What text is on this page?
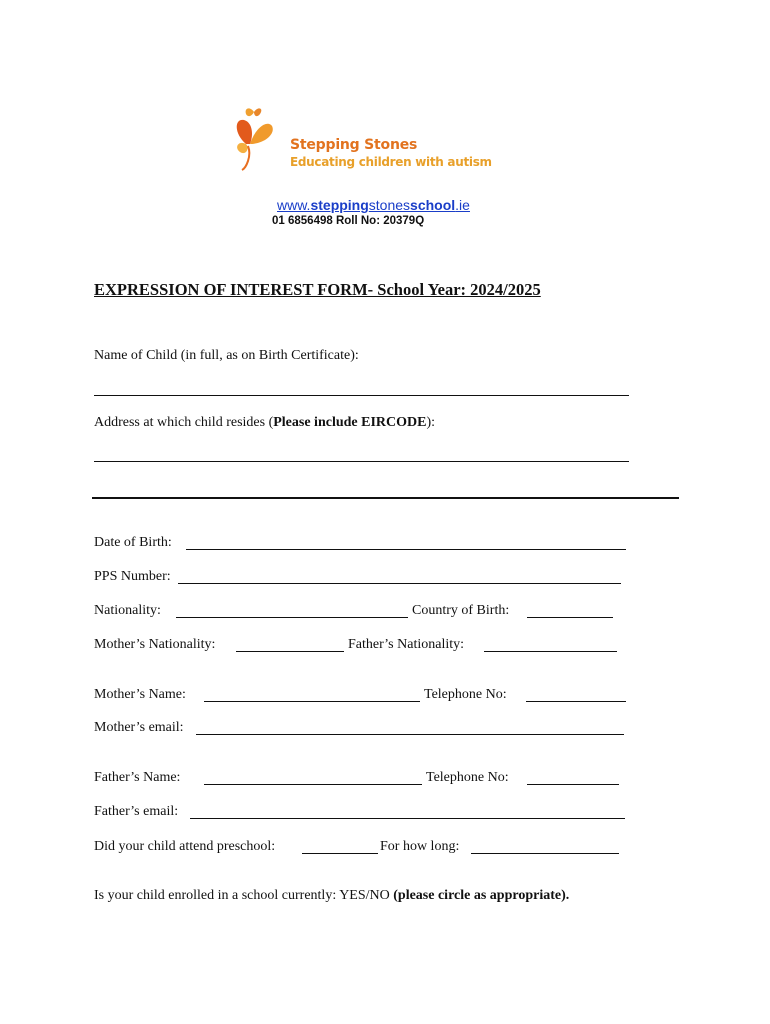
Stepping Stones
Educating children with autism
www.steppingstonesschool.ie
01 6856498 Roll No: 20379Q
EXPRESSION OF INTEREST FORM- School Year: 2024/2025
Name of Child (in full, as on Birth Certificate):
Address at which child resides (Please include EIRCODE):
Date of Birth:
PPS Number:
Nationality:	Country of Birth:
Mother’s Nationality:	Father’s Nationality:
Mother’s Name:	Telephone No:
Mother’s email:
Father’s Name:	Telephone No:
Father’s email:
Did your child attend preschool:	For how long:
Is your child enrolled in a school currently: YES/NO (please circle as appropriate).
